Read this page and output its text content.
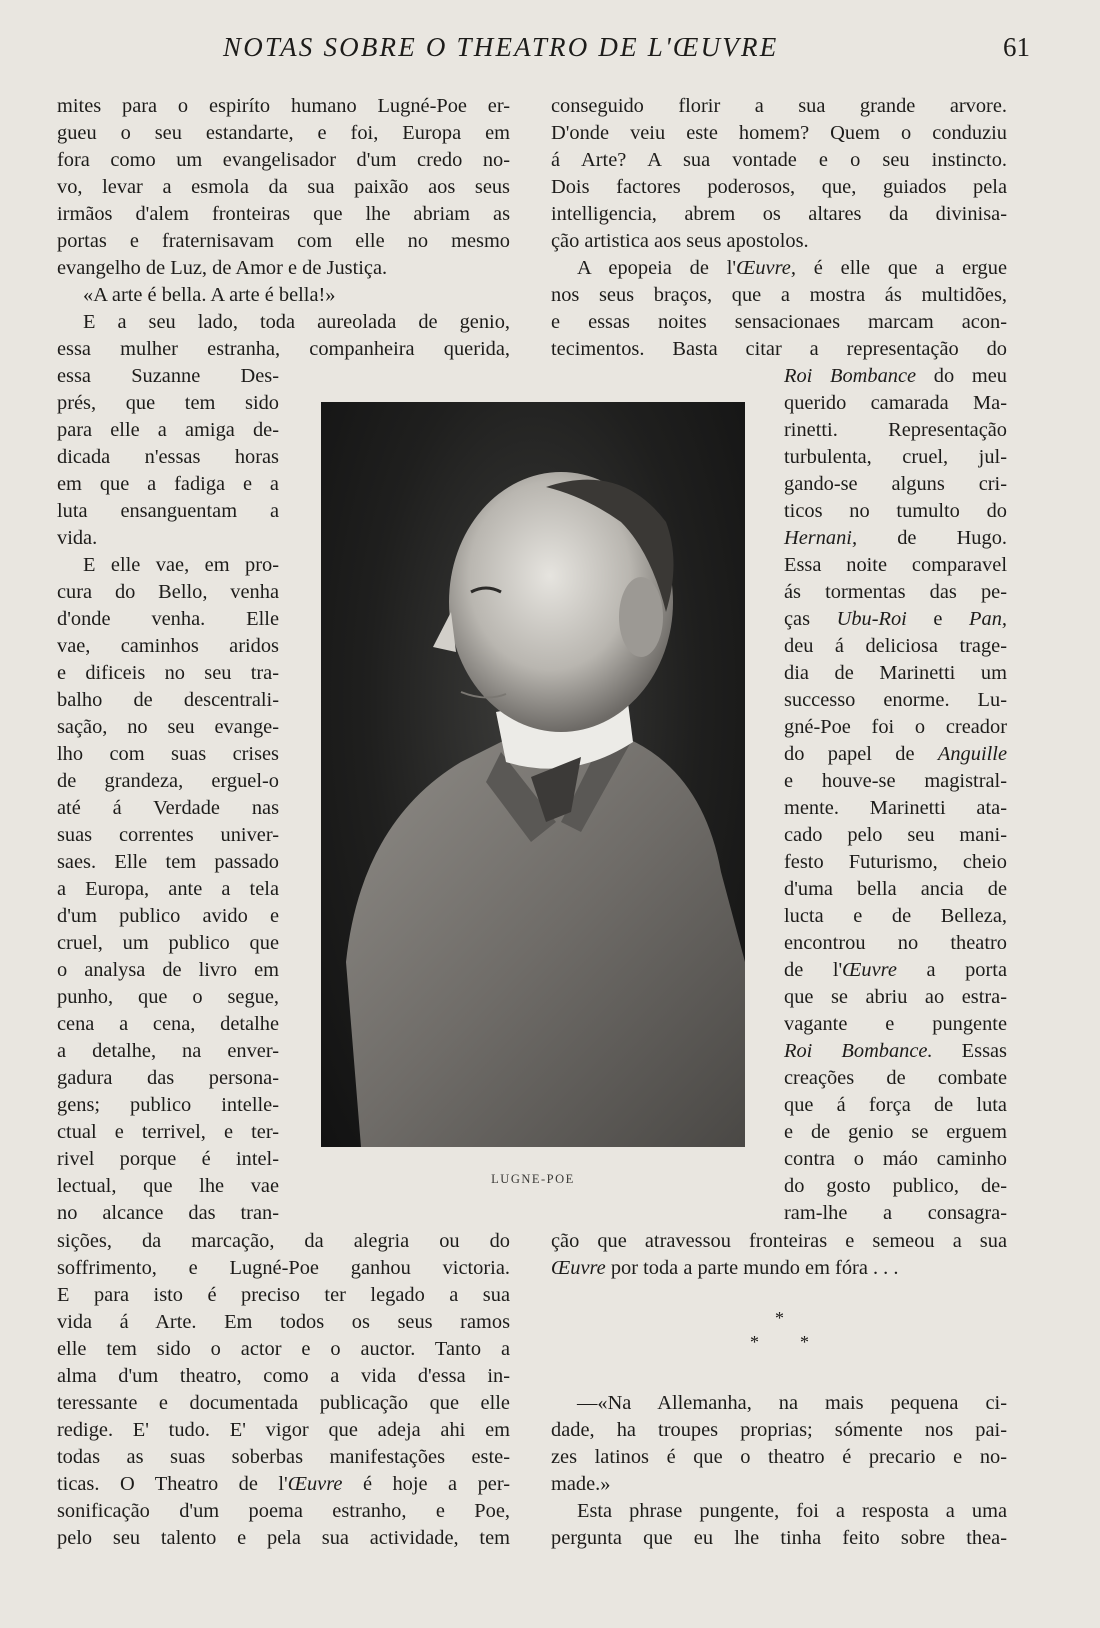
NOTAS SOBRE O THEATRO DE L'ŒUVRE	61
mites para o espiríto humano Lugné-Poe er-
gueu o seu estandarte, e foi, Europa em
fora como um evangelisador d'um credo no-
vo, levar a esmola da sua paixão aos seus
irmãos d'alem fronteiras que lhe abriam as
portas e fraternisavam com elle no mesmo
evangelho de Luz, de Amor e de Justiça.
«A arte é bella. A arte é bella!»
E a seu lado, toda aureolada de genio,
essa mulher estranha, companheira querida,
essa Suzanne Des-
prés, que tem sido
para elle a amiga de-
dicada n'essas horas
em que a fadiga e a
luta ensanguentam a
vida.
E elle vae, em pro-
cura do Bello, venha
d'onde venha. Elle
vae, caminhos aridos
e dificeis no seu tra-
balho de descentrali-
sação, no seu evange-
lho com suas crises
de grandeza, erguel-o
até á Verdade nas
suas correntes univer-
saes. Elle tem passado
a Europa, ante a tela
d'um publico avido e
cruel, um publico que
o analysa de livro em
punho, que o segue,
cena a cena, detalhe
a detalhe, na enver-
gadura das persona-
gens; publico intelle-
ctual e terrivel, e ter-
rivel porque é intel-
lectual, que lhe vae
no alcance das tran-
sições, da marcação, da alegria ou do
soffrimento, e Lugné-Poe ganhou victoria.
E para isto é preciso ter legado a sua
vida á Arte. Em todos os seus ramos
elle tem sido o actor e o auctor. Tanto a
alma d'um theatro, como a vida d'essa in-
teressante e documentada publicação que elle
redige. E' tudo. E' vigor que adeja ahi em
todas as suas soberbas manifestações este-
ticas. O Theatro de l'Œuvre é hoje a per-
sonificação d'um poema estranho, e Poe,
pelo seu talento e pela sua actividade, tem
LUGNE-POE
conseguido florir a sua grande arvore.
D'onde veiu este homem? Quem o conduziu
á Arte? A sua vontade e o seu instincto.
Dois factores poderosos, que, guiados pela
intelligencia, abrem os altares da divinisa-
ção artistica aos seus apostolos.
A epopeia de l'Œuvre, é elle que a ergue
nos seus braços, que a mostra ás multidões,
e essas noites sensacionaes marcam acon-
tecimentos. Basta citar a representação do
Roi Bombance do meu
querido camarada Ma-
rinetti. Representação
turbulenta, cruel, jul-
gando-se alguns cri-
ticos no tumulto do
Hernani, de Hugo.
Essa noite comparavel
ás tormentas das pe-
ças Ubu-Roi e Pan,
deu á deliciosa trage-
dia de Marinetti um
successo enorme. Lu-
gné-Poe foi o creador
do papel de Anguille
e houve-se magistral-
mente. Marinetti ata-
cado pelo seu mani-
festo Futurismo, cheio
d'uma bella ancia de
lucta e de Belleza,
encontrou no theatro
de l'Œuvre a porta
que se abriu ao estra-
vagante e pungente
Roi Bombance. Essas
creações de combate
que á força de luta
e de genio se erguem
contra o máo caminho
do gosto publico, de-
ram-lhe a consagra-
ção que atravessou fronteiras e semeou a sua
Œuvre por toda a parte mundo em fóra . . .
*
* *
—«Na Allemanha, na mais pequena ci-
dade, ha troupes proprias; sómente nos pai-
zes latinos é que o theatro é precario e no-
made.»
Esta phrase pungente, foi a resposta a uma
pergunta que eu lhe tinha feito sobre thea-
